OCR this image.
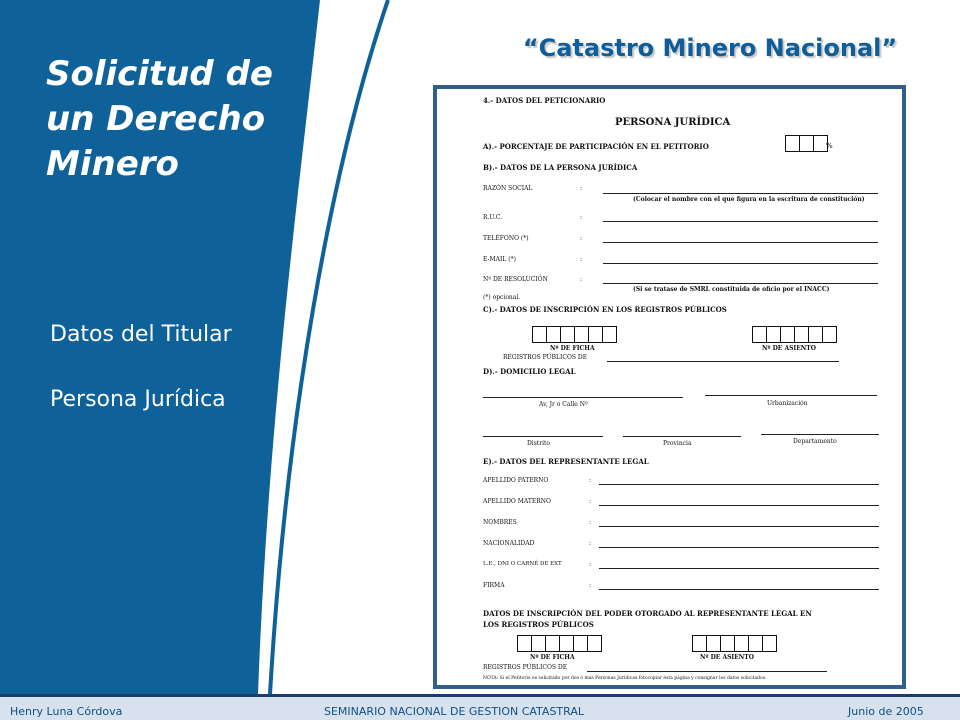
Solicitud de un Derecho Minero
Datos del Titular
Persona Jurídica
“Catastro Minero Nacional”
4.- DATOS DEL PETICIONARIO
PERSONA JURÍDICA
A).- PORCENTAJE DE PARTICIPACIÓN EN EL PETITORIO	%
B).- DATOS DE LA PERSONA JURÍDICA
RAZÓN SOCIAL	:
(Colocar el nombre con el que figura en la escritura de constitución)
R.U.C.	:
TELÉFONO (*)	:
E-MAIL (*)	:
Nº DE RESOLUCIÓN	:
(Si se tratase de SMRL constituida de oficio por el INACC)
(*) opcional.
C).- DATOS DE INSCRIPCIÓN EN LOS REGISTROS PÚBLICOS
Nº DE FICHA	Nº DE ASIENTO
REGISTROS PÚBLICOS DE
D).- DOMICILIO LEGAL
Av, Jr o Calle Nº	Urbanización
Distrito	Provincia	Departamento
E).- DATOS DEL REPRESENTANTE LEGAL
APELLIDO PATERNO	:
APELLIDO MATERNO	:
NOMBRES	:
NACIONALIDAD	:
L.E., DNI O CARNÉ DE EXT	:
FIRMA	:
DATOS DE INSCRIPCIÓN DEL PODER OTORGADO AL REPRESENTANTE LEGAL EN
LOS REGISTROS PÚBLICOS
Nº DE FICHA	Nº DE ASIENTO
REGISTROS PÚBLICOS DE
NOTA: Si el Petitorio es solicitado por dos ó más Personas Jurídicas fotocopiar ésta página y consignar los datos solicitados.
Henry Luna Córdova	SEMINARIO NACIONAL DE GESTION CATASTRAL	Junio de 2005
